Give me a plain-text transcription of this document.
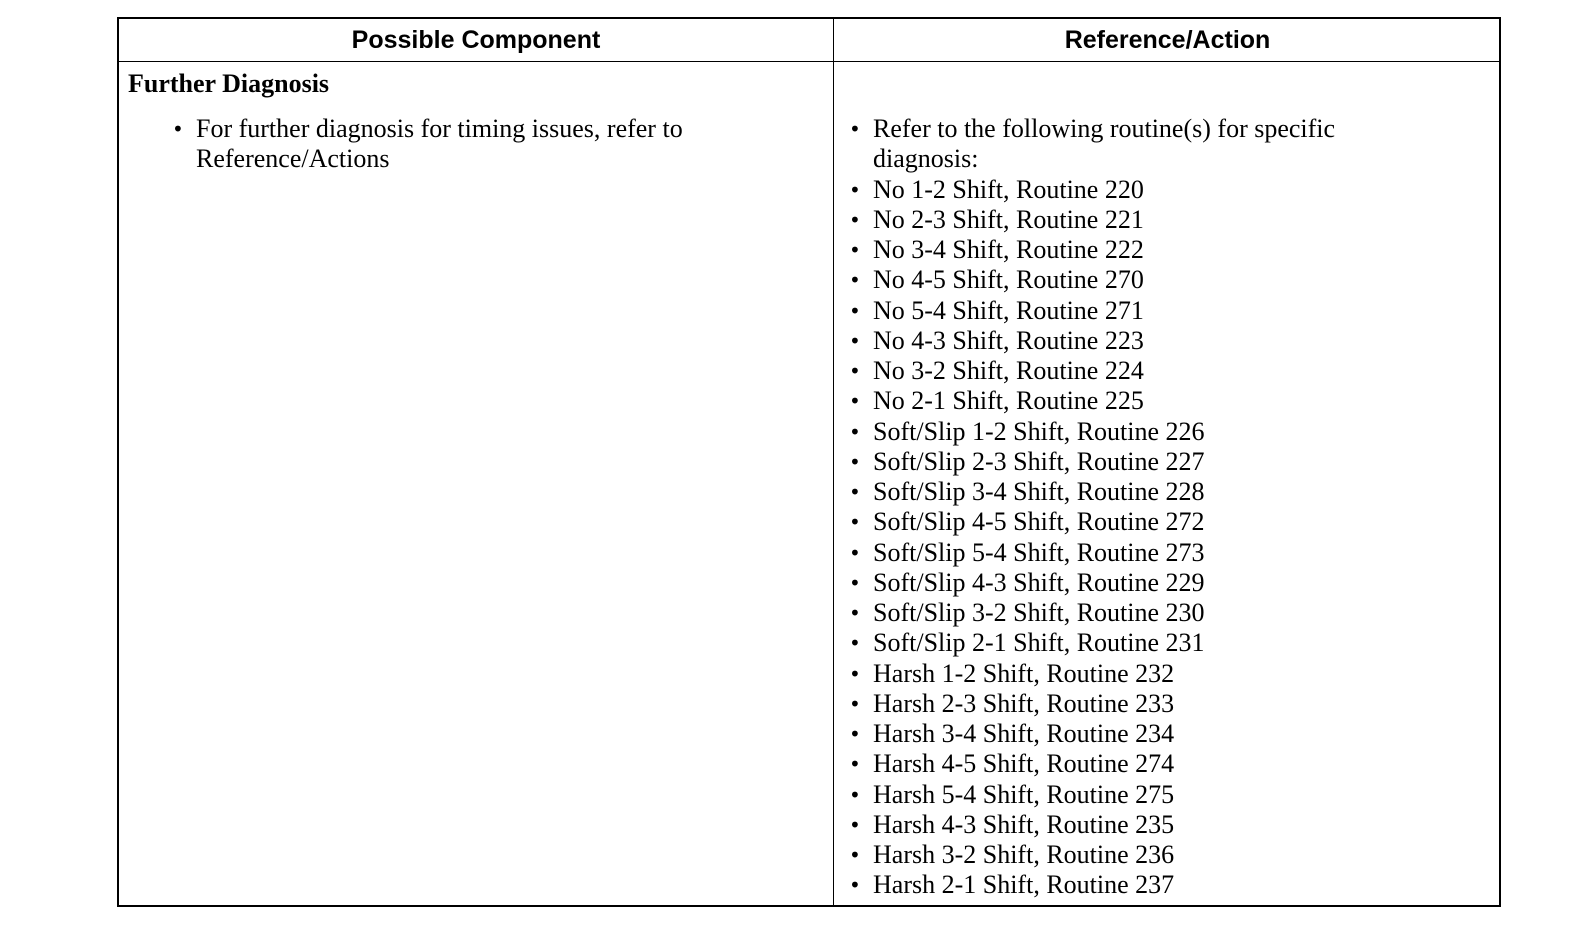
Possible Component	Reference/Action
Further Diagnosis
• For further diagnosis for timing issues, refer to Reference/Actions
• Refer to the following routine(s) for specific diagnosis:
• No 1-2 Shift, Routine 220
• No 2-3 Shift, Routine 221
• No 3-4 Shift, Routine 222
• No 4-5 Shift, Routine 270
• No 5-4 Shift, Routine 271
• No 4-3 Shift, Routine 223
• No 3-2 Shift, Routine 224
• No 2-1 Shift, Routine 225
• Soft/Slip 1-2 Shift, Routine 226
• Soft/Slip 2-3 Shift, Routine 227
• Soft/Slip 3-4 Shift, Routine 228
• Soft/Slip 4-5 Shift, Routine 272
• Soft/Slip 5-4 Shift, Routine 273
• Soft/Slip 4-3 Shift, Routine 229
• Soft/Slip 3-2 Shift, Routine 230
• Soft/Slip 2-1 Shift, Routine 231
• Harsh 1-2 Shift, Routine 232
• Harsh 2-3 Shift, Routine 233
• Harsh 3-4 Shift, Routine 234
• Harsh 4-5 Shift, Routine 274
• Harsh 5-4 Shift, Routine 275
• Harsh 4-3 Shift, Routine 235
• Harsh 3-2 Shift, Routine 236
• Harsh 2-1 Shift, Routine 237
